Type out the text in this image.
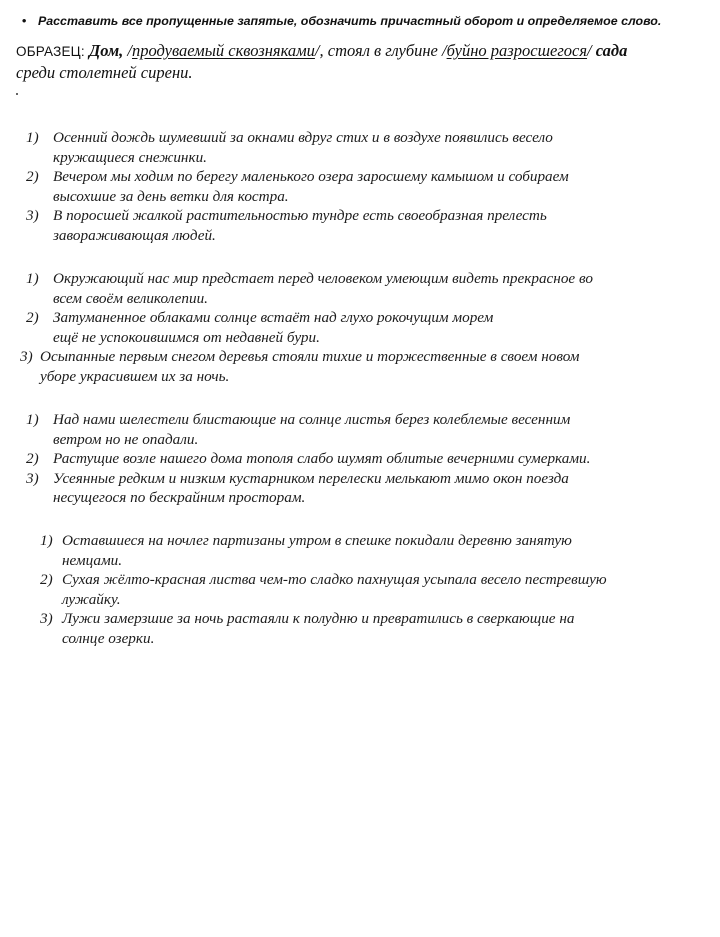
• Расставить все пропущенные запятые, обозначить причастный оборот и определяемое слово.
ОБРАЗЕЦ: Дом, /продуваемый сквозняками/, стоял в глубине /буйно разросшегося/ сада
среди столетней сирени.
1) Осенний дождь шумевший за окнами вдруг стих и в воздухе появились весело
кружащиеся снежинки.
2) Вечером мы ходим по берегу маленького озера заросшему камышом и собираем
высохшие за день ветки для костра.
3) В поросшей жалкой растительностью тундре есть своеобразная прелесть
завораживающая людей.
1) Окружающий нас мир предстает перед человеком умеющим видеть прекрасное во
всем своём великолепии.
2) Затуманенное облаками солнце встаёт над глухо рокочущим морем
ещё не успокоившимся от недавней бури.
3) Осыпанные первым снегом деревья стояли тихие и торжественные в своем новом
уборе украсившем их за ночь.
1) Над нами шелестели блистающие на солнце листья берез колеблемые весенним
ветром но не опадали.
2) Растущие возле нашего дома тополя слабо шумят облитые вечерними сумерками.
3) Усеянные редким и низким кустарником перелески мелькают мимо окон поезда
несущегося по бескрайним просторам.
1) Оставшиеся на ночлег партизаны утром в спешке покидали деревню занятую
немцами.
2) Сухая жёлто-красная листва чем-то сладко пахнущая усыпала весело пестревшую
лужайку.
3) Лужи замерзшие за ночь растаяли к полудню и превратились в сверкающие на
солнце озерки.
